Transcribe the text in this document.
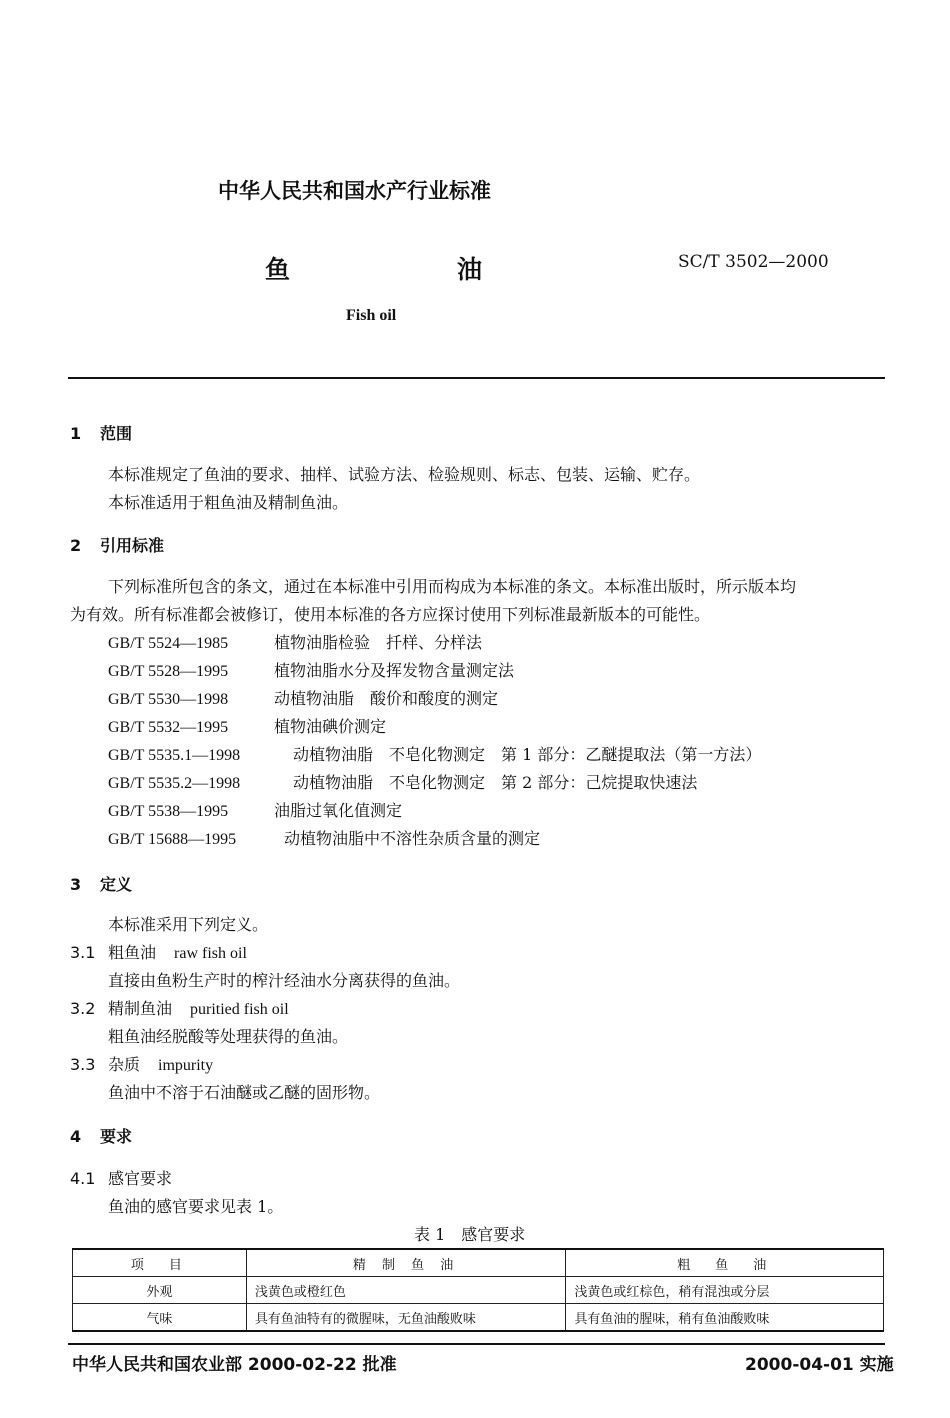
中华人民共和国水产行业标准
鱼	油	SC/T 3502—2000
Fish oil
1 范围
本标准规定了鱼油的要求、抽样、试验方法、检验规则、标志、包装、运输、贮存。
本标准适用于粗鱼油及精制鱼油。
2 引用标准
下列标准所包含的条文，通过在本标准中引用而构成为本标准的条文。本标准出版时，所示版本均
为有效。所有标准都会被修订，使用本标准的各方应探讨使用下列标准最新版本的可能性。
GB/T 5524—1985	植物油脂检验　扦样、分样法
GB/T 5528—1995	植物油脂水分及挥发物含量测定法
GB/T 5530—1998	动植物油脂　酸价和酸度的测定
GB/T 5532—1995	植物油碘价测定
GB/T 5535.1—1998	动植物油脂　不皂化物测定　第 1 部分：乙醚提取法（第一方法）
GB/T 5535.2—1998	动植物油脂　不皂化物测定　第 2 部分：己烷提取快速法
GB/T 5538—1995	油脂过氧化值测定
GB/T 15688—1995	动植物油脂中不溶性杂质含量的测定
3 定义
本标准采用下列定义。
3.1 粗鱼油 raw fish oil
直接由鱼粉生产时的榨汁经油水分离获得的鱼油。
3.2 精制鱼油 puritied fish oil
粗鱼油经脱酸等处理获得的鱼油。
3.3 杂质 impurity
鱼油中不溶于石油醚或乙醚的固形物。
4 要求
4.1 感官要求
鱼油的感官要求见表 1。
表 1　感官要求
项　目	精 制 鱼 油	粗　鱼　油
外观	浅黄色或橙红色	浅黄色或红棕色，稍有混浊或分层
气味	具有鱼油特有的微腥味，无鱼油酸败味	具有鱼油的腥味，稍有鱼油酸败味
中华人民共和国农业部 2000-02-22 批准	2000-04-01 实施
